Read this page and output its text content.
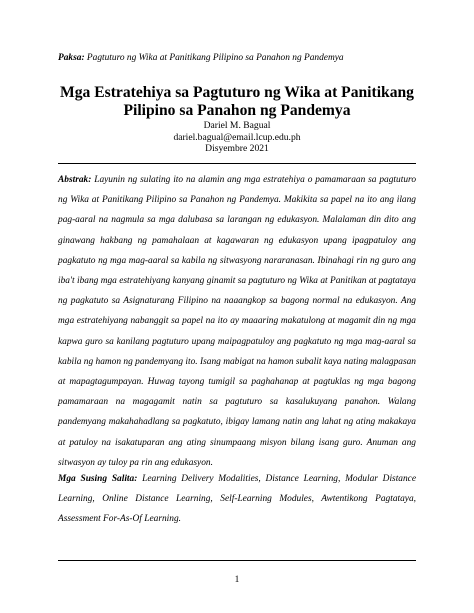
Paksa: Pagtuturo ng Wika at Panitikang Pilipino sa Panahon ng Pandemya
Mga Estratehiya sa Pagtuturo ng Wika at Panitikang
Pilipino sa Panahon ng Pandemya
Dariel M. Bagual
dariel.bagual@email.lcup.edu.ph
Disyembre 2021
Abstrak: Layunin ng sulating ito na alamin ang mga estratehiya o pamamaraan sa pagtuturo ng Wika at Panitikang Pilipino sa Panahon ng Pandemya. Makikita sa papel na ito ang ilang pag-aaral na nagmula sa mga dalubasa sa larangan ng edukasyon. Malalaman din dito ang ginawang hakbang ng pamahalaan at kagawaran ng edukasyon upang ipagpatuloy ang pagkatuto ng mga mag-aaral sa kabila ng sitwasyong nararanasan. Ibinahagi rin ng guro ang iba't ibang mga estratehiyang kanyang ginamit sa pagtuturo ng Wika at Panitikan at pagtataya ng pagkatuto sa Asignaturang Filipino na naaangkop sa bagong normal na edukasyon. Ang mga estratehiyang nabanggit sa papel na ito ay maaaring makatulong at magamit din ng mga kapwa guro sa kanilang pagtuturo upang maipagpatuloy ang pagkatuto ng mga mag-aaral sa kabila ng hamon ng pandemyang ito. Isang mabigat na hamon subalit kaya nating malagpasan at mapagtagumpayan. Huwag tayong tumigil sa paghahanap at pagtuklas ng mga bagong pamamaraan na magagamit natin sa pagtuturo sa kasalukuyang panahon. Walang pandemyang makahahadlang sa pagkatuto, ibigay lamang natin ang lahat ng ating makakaya at patuloy na isakatuparan ang ating sinumpaang misyon bilang isang guro. Anuman ang sitwasyon ay tuloy pa rin ang edukasyon.
Mga Susing Salita: Learning Delivery Modalities, Distance Learning, Modular Distance Learning, Online Distance Learning, Self-Learning Modules, Awtentikong Pagtataya, Assessment For-As-Of Learning.
1
